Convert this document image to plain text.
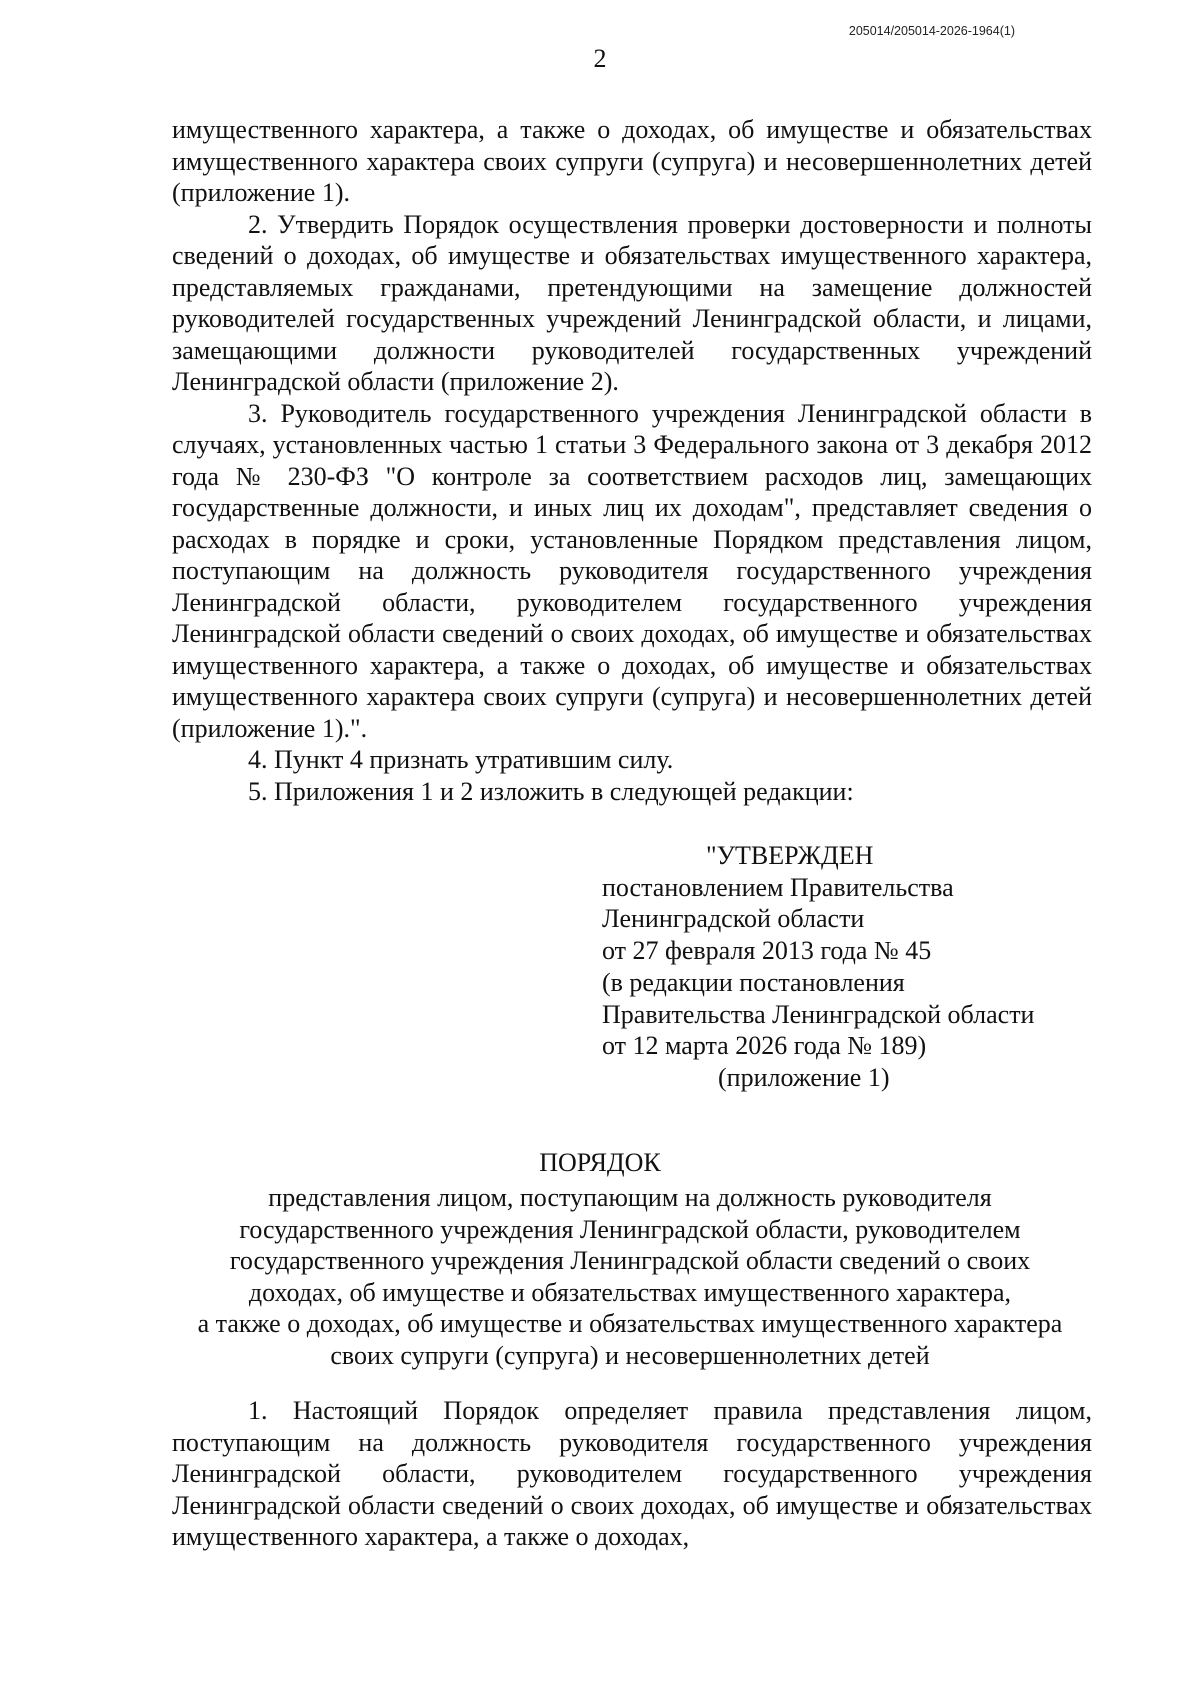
205014/205014-2026-1964(1)
2

имущественного характера, а также о доходах, об имуществе и обязательствах имущественного характера своих супруги (супруга) и несовершеннолетних детей (приложение 1).

2. Утвердить Порядок осуществления проверки достоверности и полноты сведений о доходах, об имуществе и обязательствах имущественного характера, представляемых гражданами, претендующими на замещение должностей руководителей государственных учреждений Ленинградской области, и лицами, замещающими должности руководителей государственных учреждений Ленинградской области (приложение 2).

3. Руководитель государственного учреждения Ленинградской области в случаях, установленных частью 1 статьи 3 Федерального закона от 3 декабря 2012 года № 230-ФЗ "О контроле за соответствием расходов лиц, замещающих государственные должности, и иных лиц их доходам", представляет сведения о расходах в порядке и сроки, установленные Порядком представления лицом, поступающим на должность руководителя государственного учреждения Ленинградской области, руководителем государственного учреждения Ленинградской области сведений о своих доходах, об имуществе и обязательствах имущественного характера, а также о доходах, об имуществе и обязательствах имущественного характера своих супруги (супруга) и несовершеннолетних детей (приложение 1).".

4. Пункт 4 признать утратившим силу.

5. Приложения 1 и 2 изложить в следующей редакции:

"УТВЕРЖДЕН
постановлением Правительства
Ленинградской области
от 27 февраля 2013 года № 45
(в редакции постановления
Правительства Ленинградской области
от 12 марта 2026 года № 189)
(приложение 1)
ПОРЯДОК
представления лицом, поступающим на должность руководителя
государственного учреждения Ленинградской области, руководителем
государственного учреждения Ленинградской области сведений о своих
доходах, об имуществе и обязательствах имущественного характера,
а также о доходах, об имуществе и обязательствах имущественного характера
своих супруги (супруга) и несовершеннолетних детей

1. Настоящий Порядок определяет правила представления лицом, поступающим на должность руководителя государственного учреждения Ленинградской области, руководителем государственного учреждения Ленинградской области сведений о своих доходах, об имуществе и обязательствах имущественного характера, а также о доходах,
